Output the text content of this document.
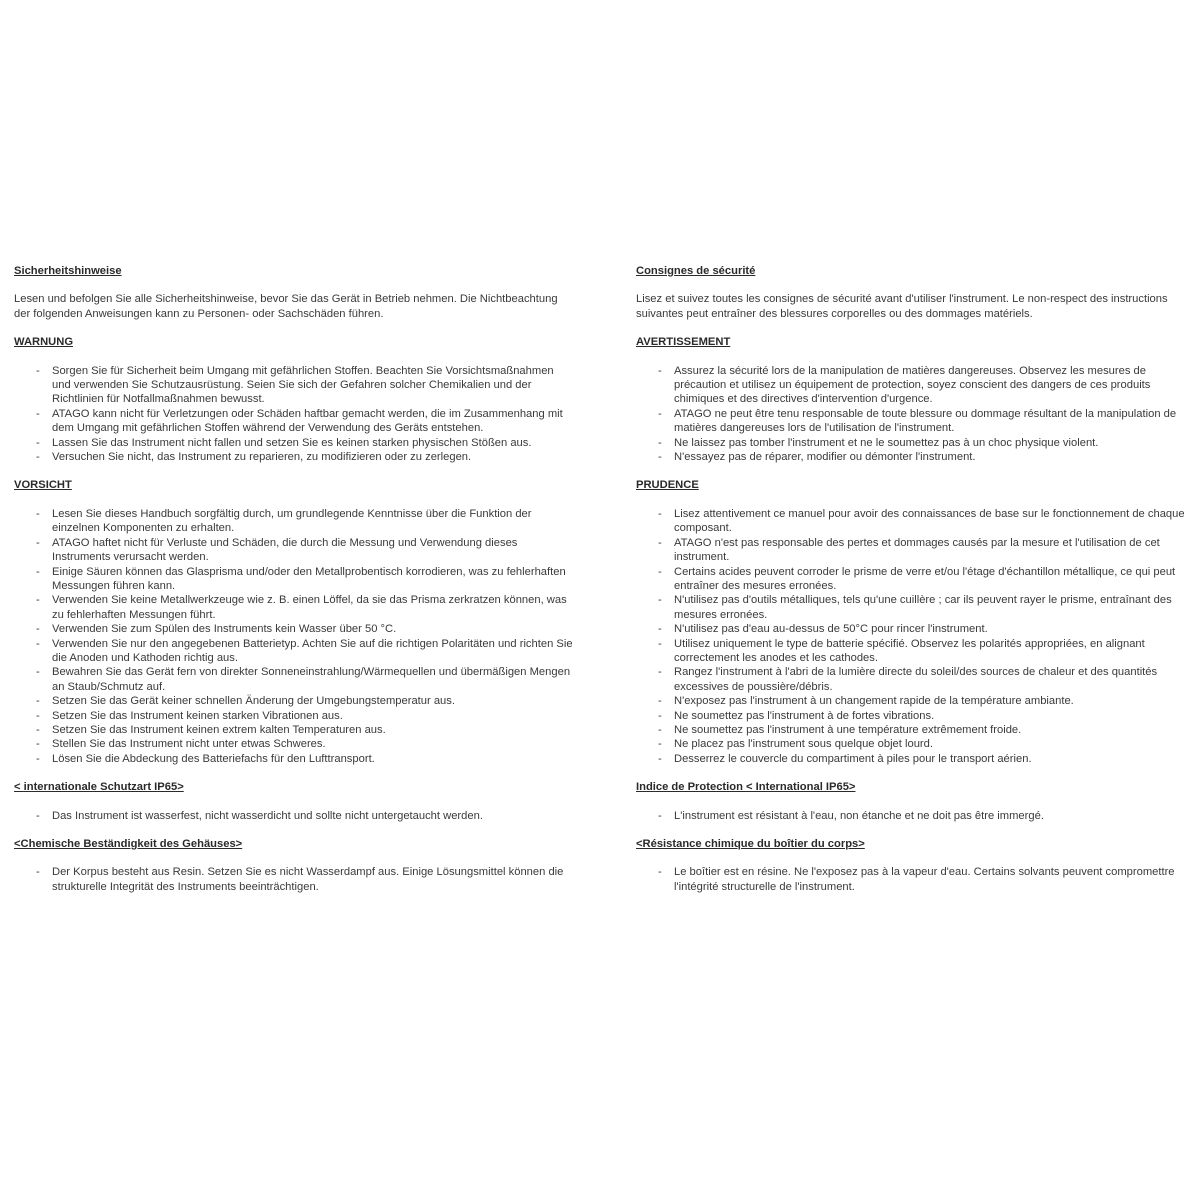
Sicherheitshinweise
Lesen und befolgen Sie alle Sicherheitshinweise, bevor Sie das Gerät in Betrieb nehmen. Die Nichtbeachtung der folgenden Anweisungen kann zu Personen- oder Sachschäden führen.
WARNUNG
- Sorgen Sie für Sicherheit beim Umgang mit gefährlichen Stoffen. Beachten Sie Vorsichtsmaßnahmen und verwenden Sie Schutzausrüstung. Seien Sie sich der Gefahren solcher Chemikalien und der Richtlinien für Notfallmaßnahmen bewusst.
- ATAGO kann nicht für Verletzungen oder Schäden haftbar gemacht werden, die im Zusammenhang mit dem Umgang mit gefährlichen Stoffen während der Verwendung des Geräts entstehen.
- Lassen Sie das Instrument nicht fallen und setzen Sie es keinen starken physischen Stößen aus.
- Versuchen Sie nicht, das Instrument zu reparieren, zu modifizieren oder zu zerlegen.
VORSICHT
- Lesen Sie dieses Handbuch sorgfältig durch, um grundlegende Kenntnisse über die Funktion der einzelnen Komponenten zu erhalten.
- ATAGO haftet nicht für Verluste und Schäden, die durch die Messung und Verwendung dieses Instruments verursacht werden.
- Einige Säuren können das Glasprisma und/oder den Metallprobentisch korrodieren, was zu fehlerhaften Messungen führen kann.
- Verwenden Sie keine Metallwerkzeuge wie z. B. einen Löffel, da sie das Prisma zerkratzen können, was zu fehlerhaften Messungen führt.
- Verwenden Sie zum Spülen des Instruments kein Wasser über 50 °C.
- Verwenden Sie nur den angegebenen Batterietyp. Achten Sie auf die richtigen Polaritäten und richten Sie die Anoden und Kathoden richtig aus.
- Bewahren Sie das Gerät fern von direkter Sonneneinstrahlung/Wärmequellen und übermäßigen Mengen an Staub/Schmutz auf.
- Setzen Sie das Gerät keiner schnellen Änderung der Umgebungstemperatur aus.
- Setzen Sie das Instrument keinen starken Vibrationen aus.
- Setzen Sie das Instrument keinen extrem kalten Temperaturen aus.
- Stellen Sie das Instrument nicht unter etwas Schweres.
- Lösen Sie die Abdeckung des Batteriefachs für den Lufttransport.
< internationale Schutzart IP65>
- Das Instrument ist wasserfest, nicht wasserdicht und sollte nicht untergetaucht werden.
<Chemische Beständigkeit des Gehäuses>
- Der Korpus besteht aus Resin. Setzen Sie es nicht Wasserdampf aus. Einige Lösungsmittel können die strukturelle Integrität des Instruments beeinträchtigen.
Consignes de sécurité
Lisez et suivez toutes les consignes de sécurité avant d'utiliser l'instrument. Le non-respect des instructions suivantes peut entraîner des blessures corporelles ou des dommages matériels.
AVERTISSEMENT
- Assurez la sécurité lors de la manipulation de matières dangereuses. Observez les mesures de précaution et utilisez un équipement de protection, soyez conscient des dangers de ces produits chimiques et des directives d'intervention d'urgence.
- ATAGO ne peut être tenu responsable de toute blessure ou dommage résultant de la manipulation de matières dangereuses lors de l'utilisation de l'instrument.
- Ne laissez pas tomber l'instrument et ne le soumettez pas à un choc physique violent.
- N'essayez pas de réparer, modifier ou démonter l'instrument.
PRUDENCE
- Lisez attentivement ce manuel pour avoir des connaissances de base sur le fonctionnement de chaque composant.
- ATAGO n'est pas responsable des pertes et dommages causés par la mesure et l'utilisation de cet instrument.
- Certains acides peuvent corroder le prisme de verre et/ou l'étage d'échantillon métallique, ce qui peut entraîner des mesures erronées.
- N'utilisez pas d'outils métalliques, tels qu'une cuillère ; car ils peuvent rayer le prisme, entraînant des mesures erronées.
- N'utilisez pas d'eau au-dessus de 50°C pour rincer l'instrument.
- Utilisez uniquement le type de batterie spécifié. Observez les polarités appropriées, en alignant correctement les anodes et les cathodes.
- Rangez l'instrument à l'abri de la lumière directe du soleil/des sources de chaleur et des quantités excessives de poussière/débris.
- N'exposez pas l'instrument à un changement rapide de la température ambiante.
- Ne soumettez pas l'instrument à de fortes vibrations.
- Ne soumettez pas l'instrument à une température extrêmement froide.
- Ne placez pas l'instrument sous quelque objet lourd.
- Desserrez le couvercle du compartiment à piles pour le transport aérien.
Indice de Protection < International IP65>
- L'instrument est résistant à l'eau, non étanche et ne doit pas être immergé.
<Résistance chimique du boîtier du corps>
- Le boîtier est en résine. Ne l'exposez pas à la vapeur d'eau. Certains solvants peuvent compromettre l'intégrité structurelle de l'instrument.
